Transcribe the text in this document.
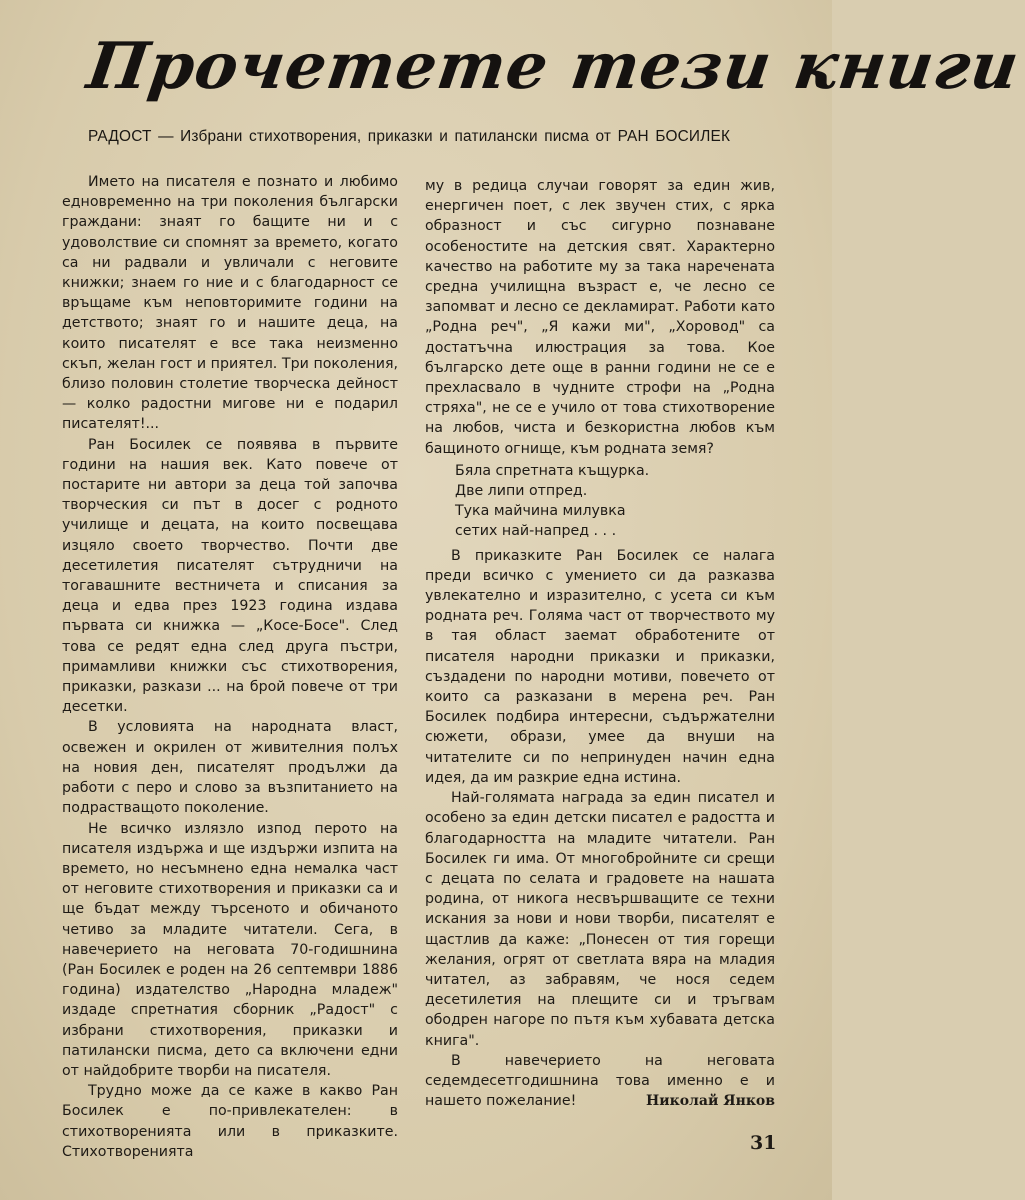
Прочетете тези книги
РАДОСТ — Избрани стихотворения, приказки и патилански писма от РАН БОСИЛЕК

Името на писателя е познато и любимо едновременно на три поколения български граждани: знаят го бащите ни и с удоволствие си спомнят за времето, когато са ни радвали и увличали с неговите книжки; знаем го ние и с благодарност се връщаме към неповторимите години на детството; знаят го и нашите деца, на които писателят е все така неизменно скъп, желан гост и приятел. Три поколения, близо половин столетие творческа дейност — колко радостни мигове ни е подарил писателят!...

Ран Босилек се появява в първите години на нашия век. Като повече от постарите ни автори за деца той започва творческия си път в досег с родното училище и децата, на които посвещава изцяло своето творчество. Почти две десетилетия писателят сътрудничи на тогавашните вестничета и списания за деца и едва през 1923 година издава първата си книжка — „Косе-Босе". След това се редят една след друга пъстри, примамливи книжки със стихотворения, приказки, разкази ... на брой повече от три десетки.

В условията на народната власт, освежен и окрилен от живителния полъх на новия ден, писателят продължи да работи с перо и слово за възпитанието на подрастващото поколение.

Не всичко излязло изпод перото на писателя издържа и ще издържи изпита на времето, но несъмнено една немалка част от неговите стихотворения и приказки са и ще бъдат между търсеното и обичаното четиво за младите читатели. Сега, в навечерието на неговата 70-годишнина (Ран Босилек е роден на 26 септември 1886 година) издателство „Народна младеж" издаде спретнатия сборник „Радост" с избрани стихотворения, приказки и патилански писма, дето са включени едни от найдобрите творби на писателя.

Трудно може да се каже в какво Ран Босилек е по-привлекателен: в стихотворенията или в приказките. Стихотворенията

му в редица случаи говорят за един жив, енергичен поет, с лек звучен стих, с ярка образност и със сигурно познаване особеностите на детския свят. Характерно качество на работите му за така наречената средна училищна възраст е, че лесно се запомват и лесно се декламират. Работи като „Родна реч", „Я кажи ми", „Хоровод" са достатъчна илюстрация за това. Кое българско дете още в ранни години не се е прехласвало в чудните строфи на „Родна стряха", не се е учило от това стихотворение на любов, чиста и безкористна любов към бащиното огнище, към родната земя?

Бяла спретната къщурка.
Две липи отпред.
Тука майчина милувка
сетих най-напред . . .

В приказките Ран Босилек се налага преди всичко с умението си да разказва увлекателно и изразително, с усета си към родната реч. Голяма част от творчеството му в тая област заемат обработените от писателя народни приказки и приказки, създадени по народни мотиви, повечето от които са разказани в мерена реч. Ран Босилек подбира интересни, съдържателни сюжети, образи, умее да внуши на читателите си по непринуден начин една идея, да им разкрие една истина.

Най-голямата награда за един писател и особено за един детски писател е радостта и благодарността на младите читатели. Ран Босилек ги има. От многобройните си срещи с децата по селата и градовете на нашата родина, от никога несвършващите се техни искания за нови и нови творби, писателят е щастлив да каже: „Понесен от тия горещи желания, огрят от светлата вяра на младия читател, аз забравям, че нося седем десетилетия на плещите си и тръгвам ободрен нагоре по пътя към хубавата детска книга".

В навечерието на неговата седемдесетгодишнина това именно е и нашето пожелание!	Николай Янков
31
